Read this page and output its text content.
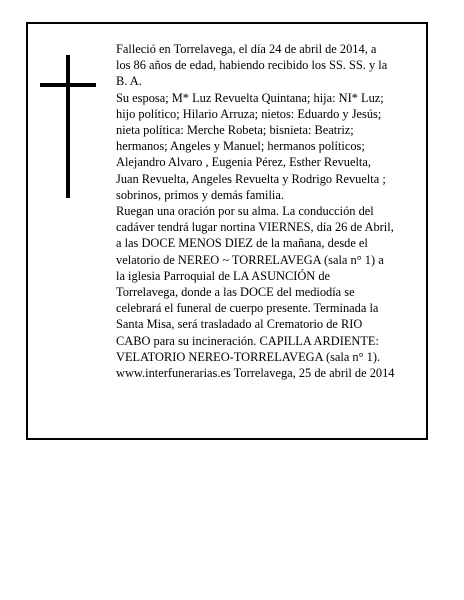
Falleció en Torrelavega, el día 24 de abril de 2014, a
los 86 años de edad, habiendo recibido los SS. SS. y la
B. A.

Su esposa; M* Luz Revuelta Quintana; hija: NI* Luz;
hijo político; Hilario Arruza; nietos: Eduardo y Jesús;
nieta política: Merche Robeta; bisnieta: Beatriz;
hermanos; Angeles y Manuel; hermanos políticos;
Alejandro Alvaro , Eugenia Pérez, Esther Revuelta,
Juan Revuelta, Angeles Revuelta y Rodrigo Revuelta ;
sobrinos, primos y demás familia.

Ruegan una oración por su alma. La conducción del
cadáver tendrá lugar nortina VIERNES, día 26 de Abril,
a las DOCE MENOS DIEZ de la mañana, desde el
velatorio de NEREO ~ TORRELAVEGA (sala n° 1) a
la iglesia Parroquial de LA ASUNCIÓN de
Torrelavega, donde a las DOCE del mediodía se
celebrará el funeral de cuerpo presente. Terminada la
Santa Misa, será trasladado al Crematorio de RIO
CABO para su incineración. CAPILLA ARDIENTE:
VELATORIO NEREO-TORRELAVEGA (sala n° 1).
www.interfunerarias.es Torrelavega, 25 de abril de 2014
